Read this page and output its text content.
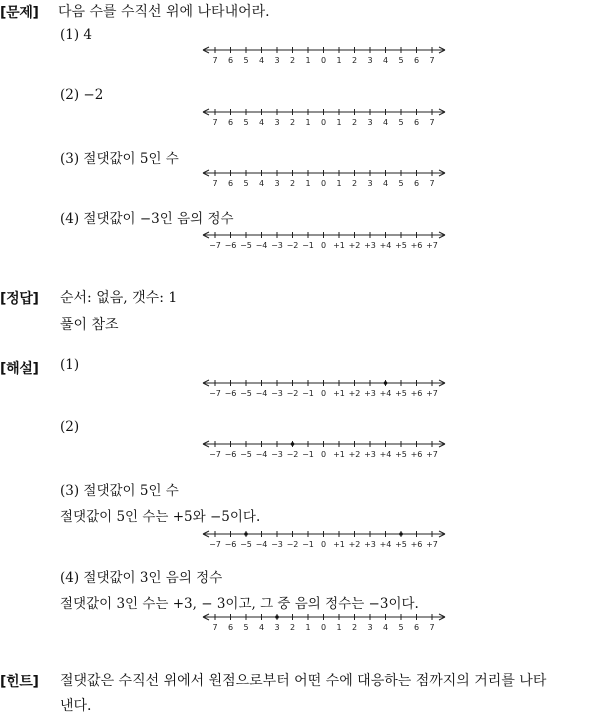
[문제] 다음 수를 수직선 위에 나타내어라.
(1) 4
7 6 5 4 3 2 1 0 1 2 3 4 5 6 7
(2) −2
7 6 5 4 3 2 1 0 1 2 3 4 5 6 7
(3) 절댓값이 5인 수
7 6 5 4 3 2 1 0 1 2 3 4 5 6 7
(4) 절댓값이 −3인 음의 정수
−7 −6 −5 −4 −3 −2 −1 0 +1 +2 +3 +4 +5 +6 +7
[정답] 순서: 없음, 갯수: 1
풀이 참조
[해설] (1)
−7 −6 −5 −4 −3 −2 −1 0 +1 +2 +3 +4 +5 +6 +7
(2)
−7 −6 −5 −4 −3 −2 −1 0 +1 +2 +3 +4 +5 +6 +7
(3) 절댓값이 5인 수
절댓값이 5인 수는 +5와 −5이다.
−7 −6 −5 −4 −3 −2 −1 0 +1 +2 +3 +4 +5 +6 +7
(4) 절댓값이 3인 음의 정수
절댓값이 3인 수는 +3, − 3이고, 그 중 음의 정수는 −3이다.
7 6 5 4 3 2 1 0 1 2 3 4 5 6 7
[힌트] 절댓값은 수직선 위에서 원점으로부터 어떤 수에 대응하는 점까지의 거리를 나타
낸다.
